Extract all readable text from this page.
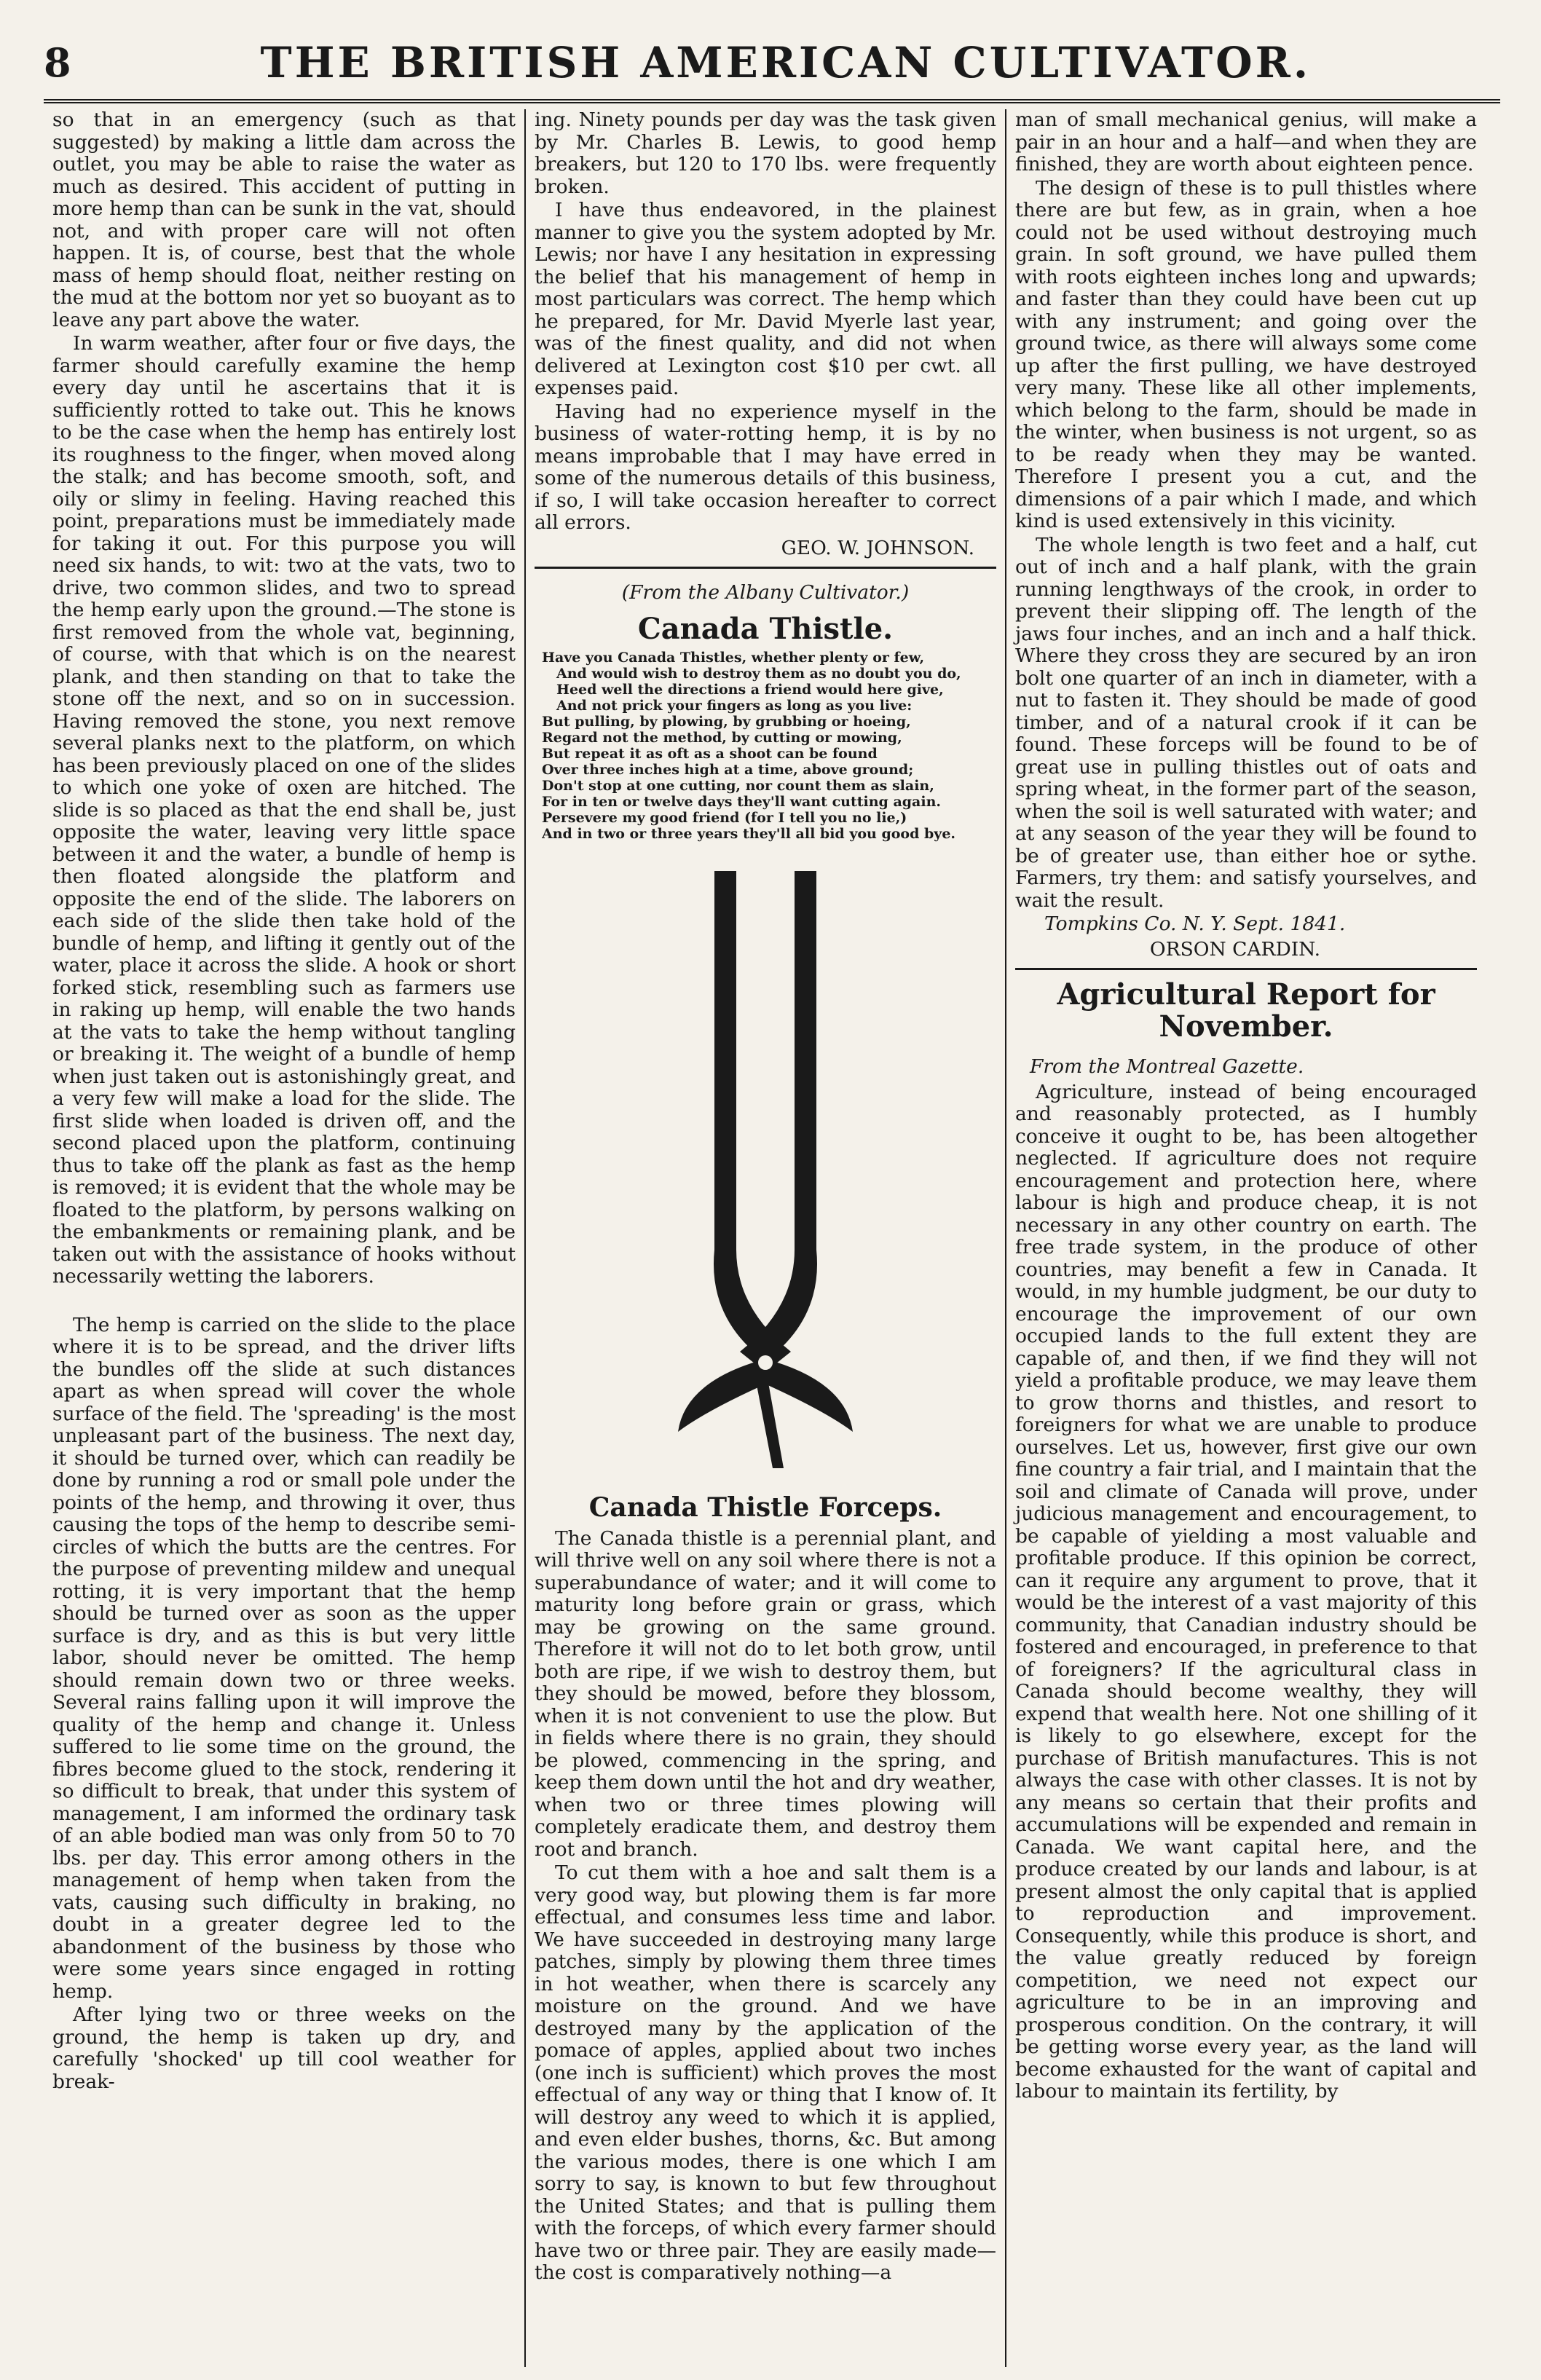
8	THE BRITISH AMERICAN CULTIVATOR.

so that in an emergency (such as that suggested) by making a little dam across the outlet, you may be able to raise the water as much as desired. This accident of putting in more hemp than can be sunk in the vat, should not, and with proper care will not often happen. It is, of course, best that the whole mass of hemp should float, neither resting on the mud at the bottom nor yet so buoyant as to leave any part above the water.

In warm weather, after four or five days, the farmer should carefully examine the hemp every day until he ascertains that it is sufficiently rotted to take out. This he knows to be the case when the hemp has entirely lost its roughness to the finger, when moved along the stalk; and has become smooth, soft, and oily or slimy in feeling. Having reached this point, preparations must be immediately made for taking it out. For this purpose you will need six hands, to wit: two at the vats, two to drive, two common slides, and two to spread the hemp early upon the ground.—The stone is first removed from the whole vat, beginning, of course, with that which is on the nearest plank, and then standing on that to take the stone off the next, and so on in succession. Having removed the stone, you next remove several planks next to the platform, on which has been previously placed on one of the slides to which one yoke of oxen are hitched. The slide is so placed as that the end shall be, just opposite the water, leaving very little space between it and the water, a bundle of hemp is then floated alongside the platform and opposite the end of the slide. The laborers on each side of the slide then take hold of the bundle of hemp, and lifting it gently out of the water, place it across the slide. A hook or short forked stick, resembling such as farmers use in raking up hemp, will enable the two hands at the vats to take the hemp without tangling or breaking it. The weight of a bundle of hemp when just taken out is astonishingly great, and a very few will make a load for the slide. The first slide when loaded is driven off, and the second placed upon the platform, continuing thus to take off the plank as fast as the hemp is removed; it is evident that the whole may be floated to the platform, by persons walking on the embankments or remaining plank, and be taken out with the assistance of hooks without necessarily wetting the laborers.

The hemp is carried on the slide to the place where it is to be spread, and the driver lifts the bundles off the slide at such distances apart as when spread will cover the whole surface of the field. The 'spreading' is the most unpleasant part of the business. The next day, it should be turned over, which can readily be done by running a rod or small pole under the points of the hemp, and throwing it over, thus causing the tops of the hemp to describe semi-circles of which the butts are the centres. For the purpose of preventing mildew and unequal rotting, it is very important that the hemp should be turned over as soon as the upper surface is dry, and as this is but very little labor, should never be omitted. The hemp should remain down two or three weeks. Several rains falling upon it will improve the quality of the hemp and change it. Unless suffered to lie some time on the ground, the fibres become glued to the stock, rendering it so difficult to break, that under this system of management, I am informed the ordinary task of an able bodied man was only from 50 to 70 lbs. per day. This error among others in the management of hemp when taken from the vats, causing such difficulty in braking, no doubt in a greater degree led to the abandonment of the business by those who were some years since engaged in rotting hemp.

After lying two or three weeks on the ground, the hemp is taken up dry, and carefully 'shocked' up till cool weather for break-

ing. Ninety pounds per day was the task given by Mr. Charles B. Lewis, to good hemp breakers, but 120 to 170 lbs. were frequently broken.

I have thus endeavored, in the plainest manner to give you the system adopted by Mr. Lewis; nor have I any hesitation in expressing the belief that his management of hemp in most particulars was correct. The hemp which he prepared, for Mr. David Myerle last year, was of the finest quality, and did not when delivered at Lexington cost $10 per cwt. all expenses paid.

Having had no experience myself in the business of water-rotting hemp, it is by no means improbable that I may have erred in some of the numerous details of this business, if so, I will take occasion hereafter to correct all errors.

GEO. W. JOHNSON.
(From the Albany Cultivator.)
Canada Thistle.
Have you Canada Thistles, whether plenty or few,
And would wish to destroy them as no doubt you do,
Heed well the directions a friend would here give,
And not prick your fingers as long as you live:
But pulling, by plowing, by grubbing or hoeing,
Regard not the method, by cutting or mowing,
But repeat it as oft as a shoot can be found
Over three inches high at a time, above ground;
Don't stop at one cutting, nor count them as slain,
For in ten or twelve days they'll want cutting again.
Persevere my good friend (for I tell you no lie,)
And in two or three years they'll all bid you good bye.
Canada Thistle Forceps.

The Canada thistle is a perennial plant, and will thrive well on any soil where there is not a superabundance of water; and it will come to maturity long before grain or grass, which may be growing on the same ground. Therefore it will not do to let both grow, until both are ripe, if we wish to destroy them, but they should be mowed, before they blossom, when it is not convenient to use the plow. But in fields where there is no grain, they should be plowed, commencing in the spring, and keep them down until the hot and dry weather, when two or three times plowing will completely eradicate them, and destroy them root and branch.

To cut them with a hoe and salt them is a very good way, but plowing them is far more effectual, and consumes less time and labor. We have succeeded in destroying many large patches, simply by plowing them three times in hot weather, when there is scarcely any moisture on the ground. And we have destroyed many by the application of the pomace of apples, applied about two inches (one inch is sufficient) which proves the most effectual of any way or thing that I know of. It will destroy any weed to which it is applied, and even elder bushes, thorns, &c. But among the various modes, there is one which I am sorry to say, is known to but few throughout the United States; and that is pulling them with the forceps, of which every farmer should have two or three pair. They are easily made—the cost is comparatively nothing—a

man of small mechanical genius, will make a pair in an hour and a half—and when they are finished, they are worth about eighteen pence.

The design of these is to pull thistles where there are but few, as in grain, when a hoe could not be used without destroying much grain. In soft ground, we have pulled them with roots eighteen inches long and upwards; and faster than they could have been cut up with any instrument; and going over the ground twice, as there will always some come up after the first pulling, we have destroyed very many. These like all other implements, which belong to the farm, should be made in the winter, when business is not urgent, so as to be ready when they may be wanted. Therefore I present you a cut, and the dimensions of a pair which I made, and which kind is used extensively in this vicinity.

The whole length is two feet and a half, cut out of inch and a half plank, with the grain running lengthways of the crook, in order to prevent their slipping off. The length of the jaws four inches, and an inch and a half thick. Where they cross they are secured by an iron bolt one quarter of an inch in diameter, with a nut to fasten it. They should be made of good timber, and of a natural crook if it can be found. These forceps will be found to be of great use in pulling thistles out of oats and spring wheat, in the former part of the season, when the soil is well saturated with water; and at any season of the year they will be found to be of greater use, than either hoe or sythe. Farmers, try them: and satisfy yourselves, and wait the result.

Tompkins Co. N. Y. Sept. 1841.
ORSON CARDIN.
Agricultural Report for November.
From the Montreal Gazette.

Agriculture, instead of being encouraged and reasonably protected, as I humbly conceive it ought to be, has been altogether neglected. If agriculture does not require encouragement and protection here, where labour is high and produce cheap, it is not necessary in any other country on earth. The free trade system, in the produce of other countries, may benefit a few in Canada. It would, in my humble judgment, be our duty to encourage the improvement of our own occupied lands to the full extent they are capable of, and then, if we find they will not yield a profitable produce, we may leave them to grow thorns and thistles, and resort to foreigners for what we are unable to produce ourselves. Let us, however, first give our own fine country a fair trial, and I maintain that the soil and climate of Canada will prove, under judicious management and encouragement, to be capable of yielding a most valuable and profitable produce. If this opinion be correct, can it require any argument to prove, that it would be the interest of a vast majority of this community, that Canadian industry should be fostered and encouraged, in preference to that of foreigners? If the agricultural class in Canada should become wealthy, they will expend that wealth here. Not one shilling of it is likely to go elsewhere, except for the purchase of British manufactures. This is not always the case with other classes. It is not by any means so certain that their profits and accumulations will be expended and remain in Canada. We want capital here, and the produce created by our lands and labour, is at present almost the only capital that is applied to reproduction and improvement. Consequently, while this produce is short, and the value greatly reduced by foreign competition, we need not expect our agriculture to be in an improving and prosperous condition. On the contrary, it will be getting worse every year, as the land will become exhausted for the want of capital and labour to maintain its fertility, by
